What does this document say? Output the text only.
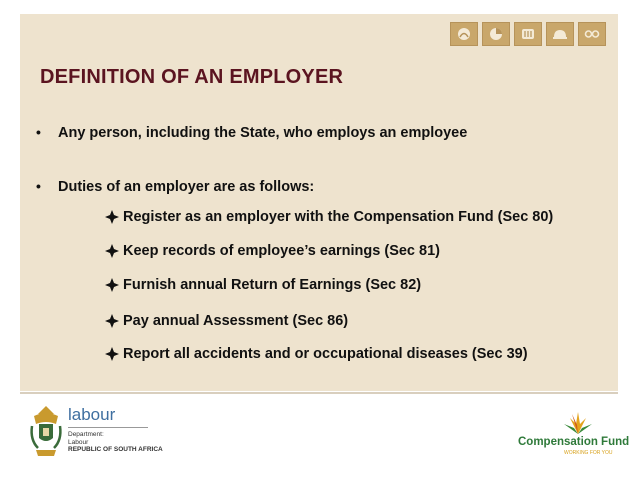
DEFINITION OF AN EMPLOYER
•	Any person, including the State, who employs an employee
•	Duties of an employer are as follows:
Register as an employer with the Compensation Fund (Sec 80)
Keep records of employee’s earnings (Sec 81)
Furnish annual Return of Earnings (Sec 82)
Pay annual Assessment (Sec 86)
Report all accidents and or occupational diseases (Sec 39)
labour
Department:
Labour
REPUBLIC OF SOUTH AFRICA
Compensation Fund
WORKING FOR YOU
